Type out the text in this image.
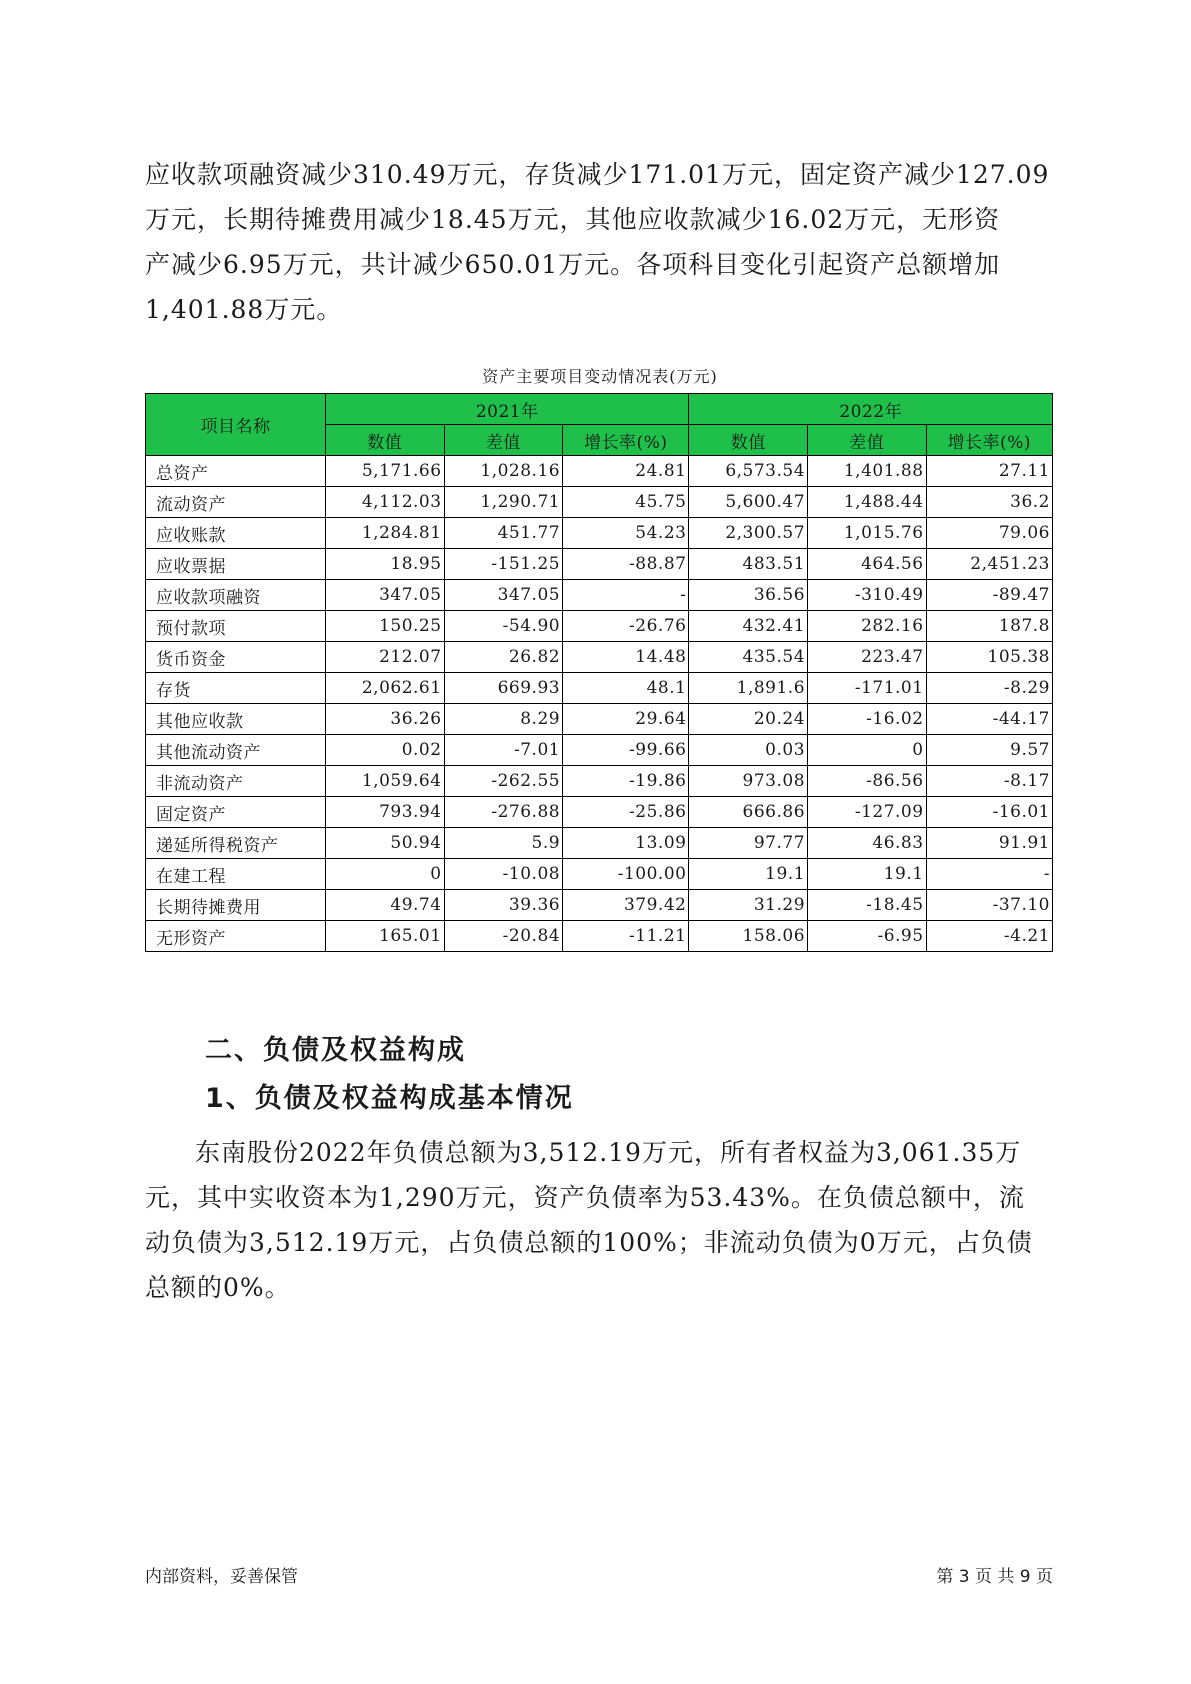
应收款项融资减少310.49万元，存货减少171.01万元，固定资产减少127.09
万元，长期待摊费用减少18.45万元，其他应收款减少16.02万元，无形资
产减少6.95万元，共计减少650.01万元。各项科目变化引起资产总额增加
1,401.88万元。

资产主要项目变动情况表(万元)
项目名称	2021年			2022年		
	数值	差值	增长率(%)	数值	差值	增长率(%)
总资产	5,171.66	1,028.16	24.81	6,573.54	1,401.88	27.11
流动资产	4,112.03	1,290.71	45.75	5,600.47	1,488.44	36.2
应收账款	1,284.81	451.77	54.23	2,300.57	1,015.76	79.06
应收票据	18.95	-151.25	-88.87	483.51	464.56	2,451.23
应收款项融资	347.05	347.05	-	36.56	-310.49	-89.47
预付款项	150.25	-54.90	-26.76	432.41	282.16	187.8
货币资金	212.07	26.82	14.48	435.54	223.47	105.38
存货	2,062.61	669.93	48.1	1,891.6	-171.01	-8.29
其他应收款	36.26	8.29	29.64	20.24	-16.02	-44.17
其他流动资产	0.02	-7.01	-99.66	0.03	0	9.57
非流动资产	1,059.64	-262.55	-19.86	973.08	-86.56	-8.17
固定资产	793.94	-276.88	-25.86	666.86	-127.09	-16.01
递延所得税资产	50.94	5.9	13.09	97.77	46.83	91.91
在建工程	0	-10.08	-100.00	19.1	19.1	-
长期待摊费用	49.74	39.36	379.42	31.29	-18.45	-37.10
无形资产	165.01	-20.84	-11.21	158.06	-6.95	-4.21
二、负债及权益构成
1、负债及权益构成基本情况

东南股份2022年负债总额为3,512.19万元，所有者权益为3,061.35万
元，其中实收资本为1,290万元，资产负债率为53.43%。在负债总额中，流
动负债为3,512.19万元，占负债总额的100%；非流动负债为0万元，占负债
总额的0%。

内部资料，妥善保管	第 3 页 共 9 页
